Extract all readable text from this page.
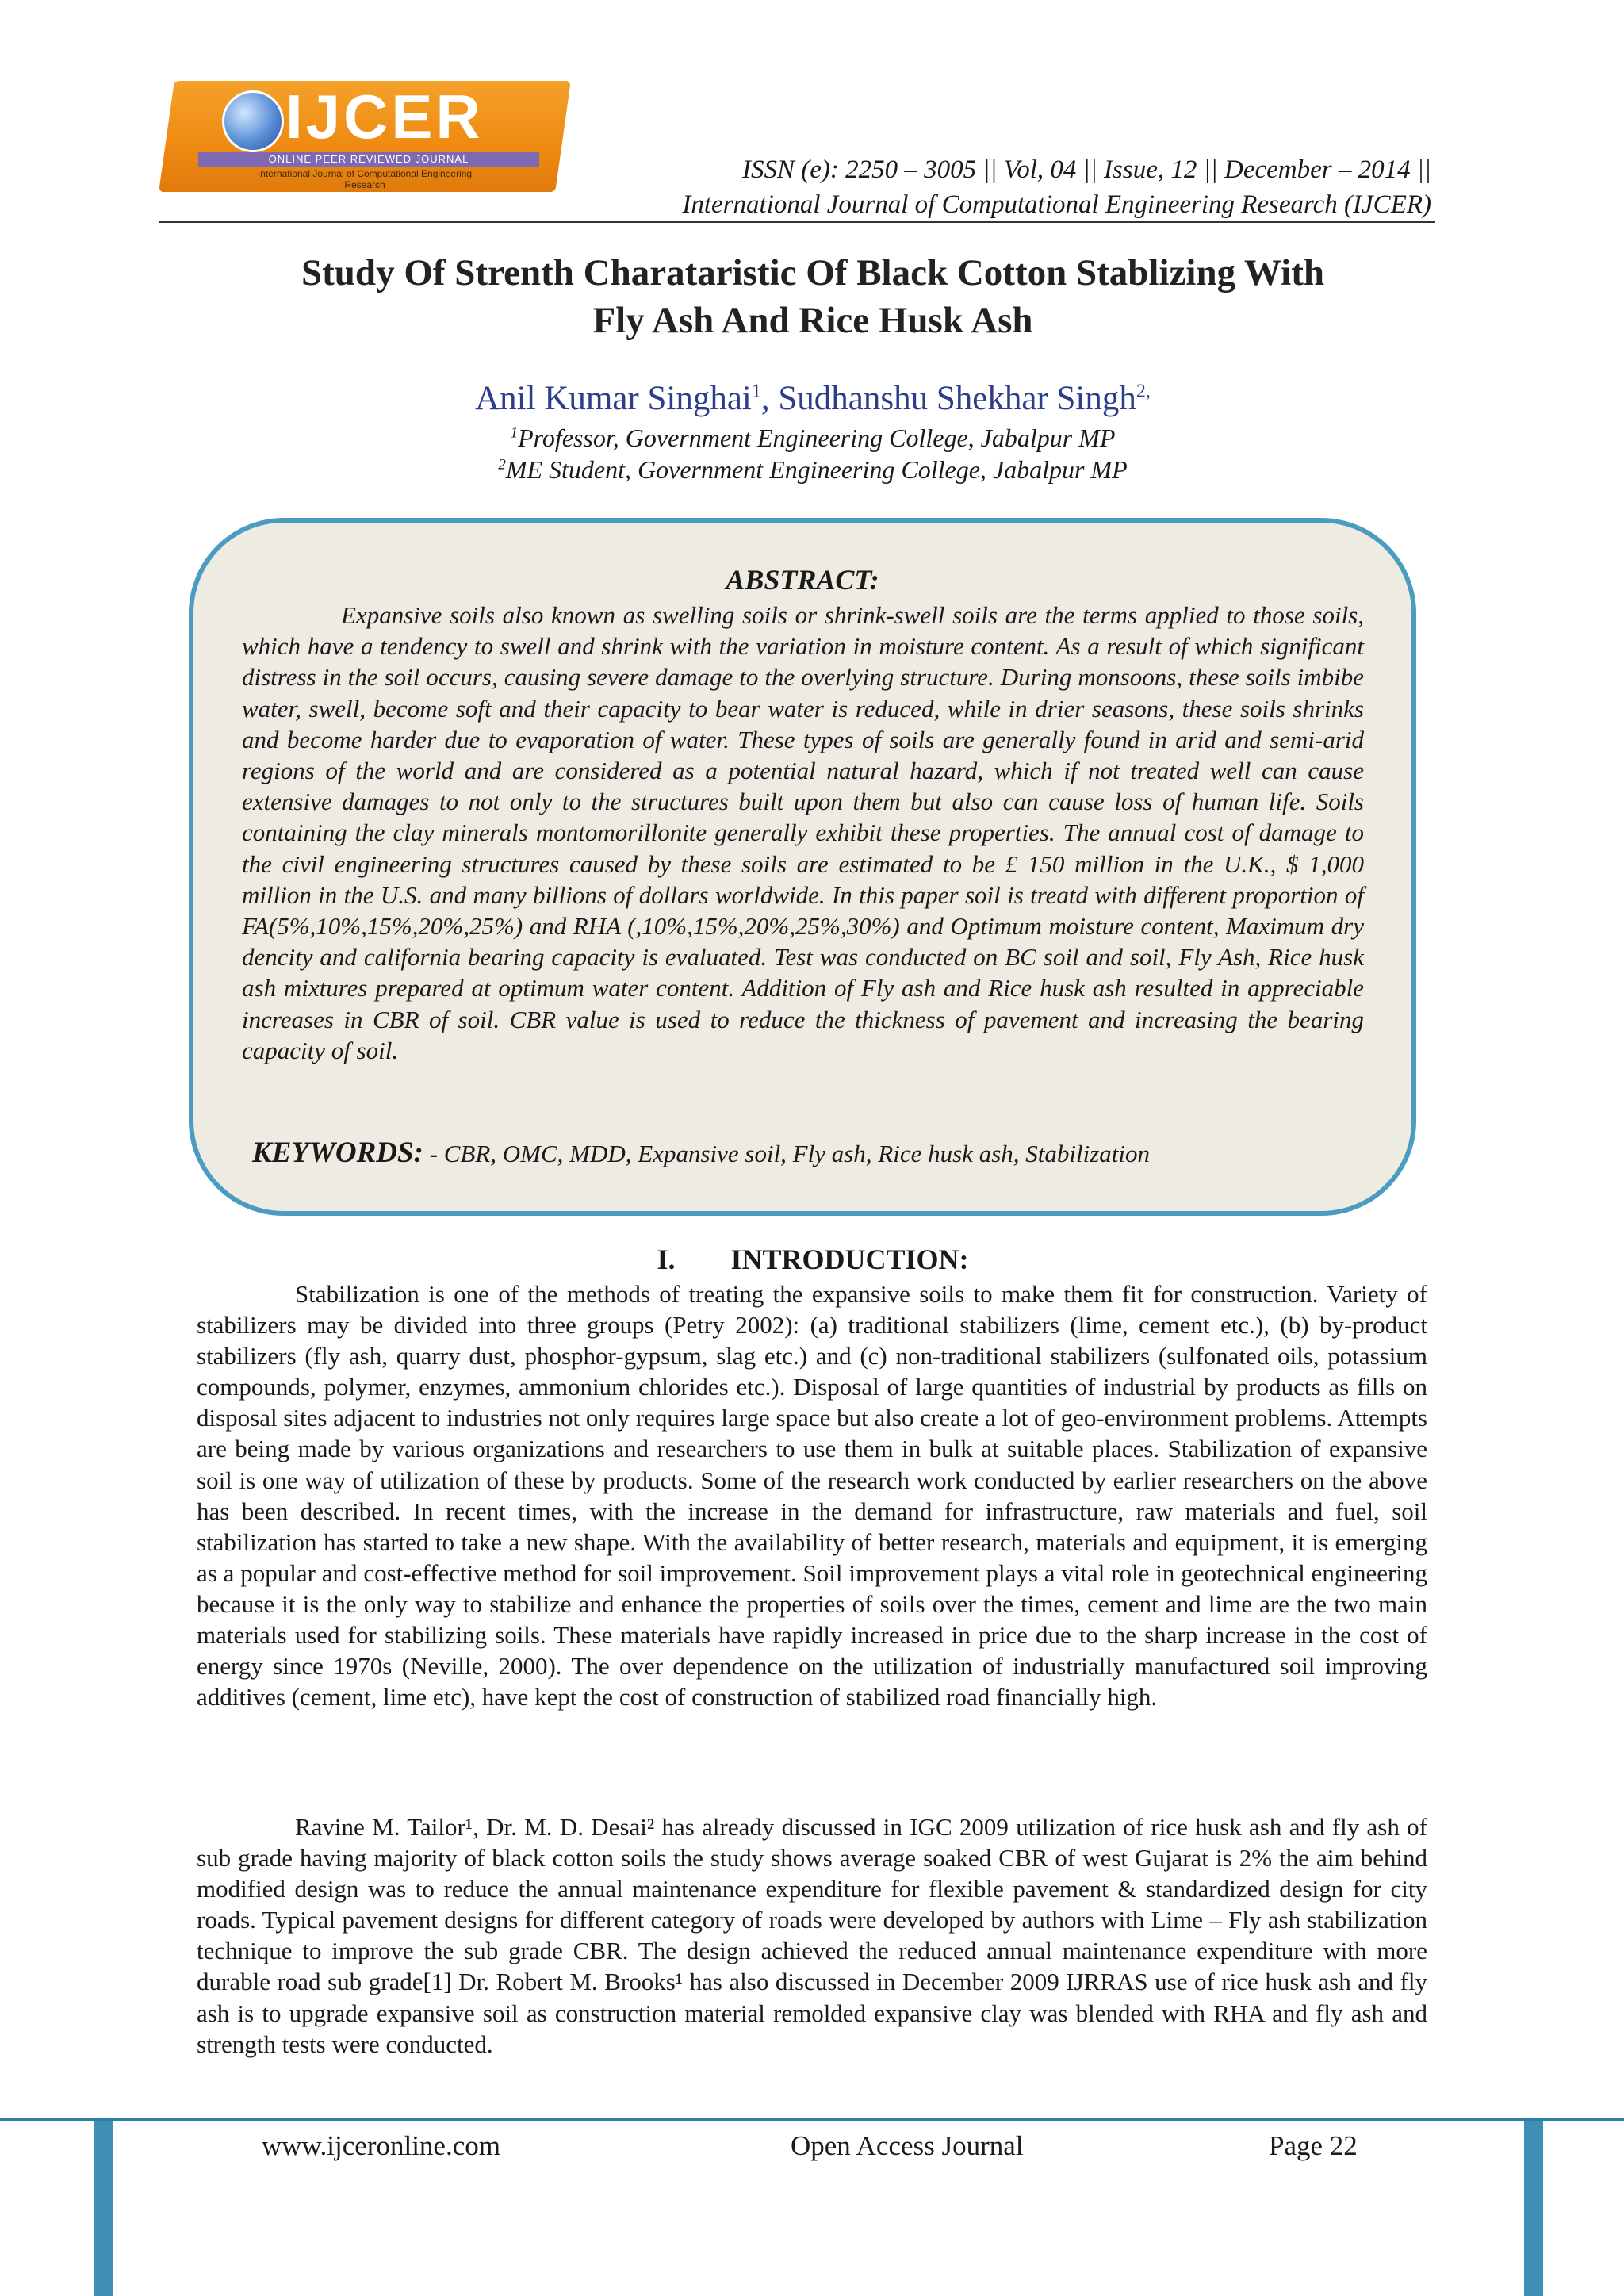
IJCER
ONLINE PEER REVIEWED JOURNAL
International Journal of Computational Engineering Research
ISSN (e): 2250 – 3005 || Vol, 04 || Issue, 12 || December – 2014 ||
International Journal of Computational Engineering Research (IJCER)
Study Of Strenth Charataristic Of Black Cotton Stablizing With
Fly Ash And Rice Husk Ash
Anil Kumar Singhai$^1$, Sudhanshu Shekhar Singh$^{2,}$
$^1$Professor, Government Engineering College, Jabalpur MP
$^2$ME Student, Government Engineering College, Jabalpur MP
ABSTRACT:
Expansive soils also known as swelling soils or shrink-swell soils are the terms applied to those soils, which have a tendency to swell and shrink with the variation in moisture content. As a result of which significant distress in the soil occurs, causing severe damage to the overlying structure. During monsoons, these soils imbibe water, swell, become soft and their capacity to bear water is reduced, while in drier seasons, these soils shrinks and become harder due to evaporation of water. These types of soils are generally found in arid and semi-arid regions of the world and are considered as a potential natural hazard, which if not treated well can cause extensive damages to not only to the structures built upon them but also can cause loss of human life. Soils containing the clay minerals montomorillonite generally exhibit these properties. The annual cost of damage to the civil engineering structures caused by these soils are estimated to be £ 150 million in the U.K., $ 1,000 million in the U.S. and many billions of dollars worldwide. In this paper soil is treatd with different proportion of FA(5%,10%,15%,20%,25%) and RHA (,10%,15%,20%,25%,30%) and Optimum moisture content, Maximum dry dencity and california bearing capacity is evaluated. Test was conducted on BC soil and soil, Fly Ash, Rice husk ash mixtures prepared at optimum water content. Addition of Fly ash and Rice husk ash resulted in appreciable increases in CBR of soil. CBR value is used to reduce the thickness of pavement and increasing the bearing capacity of soil.
KEYWORDS: - CBR, OMC, MDD, Expansive soil, Fly ash, Rice husk ash, Stabilization
I. INTRODUCTION:
Stabilization is one of the methods of treating the expansive soils to make them fit for construction. Variety of stabilizers may be divided into three groups (Petry 2002): (a) traditional stabilizers (lime, cement etc.), (b) by-product stabilizers (fly ash, quarry dust, phosphor-gypsum, slag etc.) and (c) non-traditional stabilizers (sulfonated oils, potassium compounds, polymer, enzymes, ammonium chlorides etc.). Disposal of large quantities of industrial by products as fills on disposal sites adjacent to industries not only requires large space but also create a lot of geo-environment problems. Attempts are being made by various organizations and researchers to use them in bulk at suitable places. Stabilization of expansive soil is one way of utilization of these by products. Some of the research work conducted by earlier researchers on the above has been described. In recent times, with the increase in the demand for infrastructure, raw materials and fuel, soil stabilization has started to take a new shape. With the availability of better research, materials and equipment, it is emerging as a popular and cost-effective method for soil improvement. Soil improvement plays a vital role in geotechnical engineering because it is the only way to stabilize and enhance the properties of soils over the times, cement and lime are the two main materials used for stabilizing soils. These materials have rapidly increased in price due to the sharp increase in the cost of energy since 1970s (Neville, 2000). The over dependence on the utilization of industrially manufactured soil improving additives (cement, lime etc), have kept the cost of construction of stabilized road financially high.
Ravine M. Tailor¹, Dr. M. D. Desai² has already discussed in IGC 2009 utilization of rice husk ash and fly ash of sub grade having majority of black cotton soils the study shows average soaked CBR of west Gujarat is 2% the aim behind modified design was to reduce the annual maintenance expenditure for flexible pavement & standardized design for city roads. Typical pavement designs for different category of roads were developed by authors with Lime – Fly ash stabilization technique to improve the sub grade CBR. The design achieved the reduced annual maintenance expenditure with more durable road sub grade[1] Dr. Robert M. Brooks¹ has also discussed in December 2009 IJRRAS use of rice husk ash and fly ash is to upgrade expansive soil as construction material remolded expansive clay was blended with RHA and fly ash and strength tests were conducted.
www.ijceronline.com	Open Access Journal	Page 22
